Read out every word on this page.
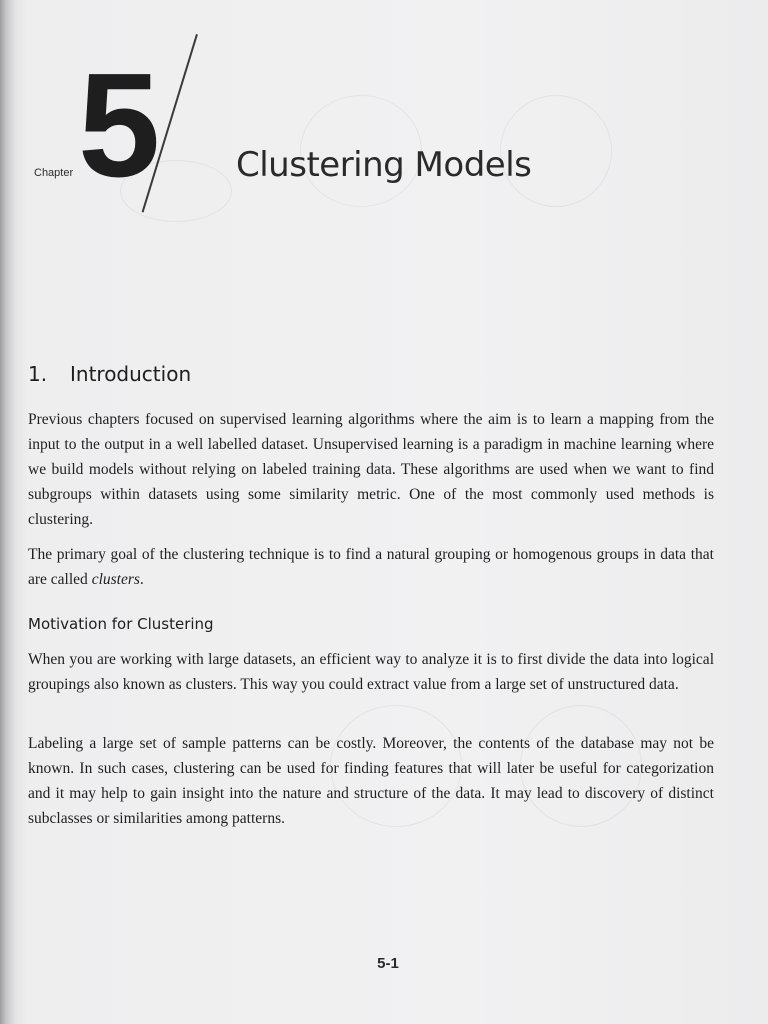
Chapter 5 Clustering Models
1. Introduction

Previous chapters focused on supervised learning algorithms where the aim is to learn a mapping from the input to the output in a well labelled dataset. Unsupervised learning is a paradigm in machine learning where we build models without relying on labeled training data. These algorithms are used when we want to find subgroups within datasets using some similarity metric. One of the most commonly used methods is clustering.

The primary goal of the clustering technique is to find a natural grouping or homogenous groups in data that are called clusters.

Motivation for Clustering

When you are working with large datasets, an efficient way to analyze it is to first divide the data into logical groupings also known as clusters. This way you could extract value from a large set of unstructured data.

Labeling a large set of sample patterns can be costly. Moreover, the contents of the database may not be known. In such cases, clustering can be used for finding features that will later be useful for categorization and it may help to gain insight into the nature and structure of the data. It may lead to discovery of distinct subclasses or similarities among patterns.

5-1
